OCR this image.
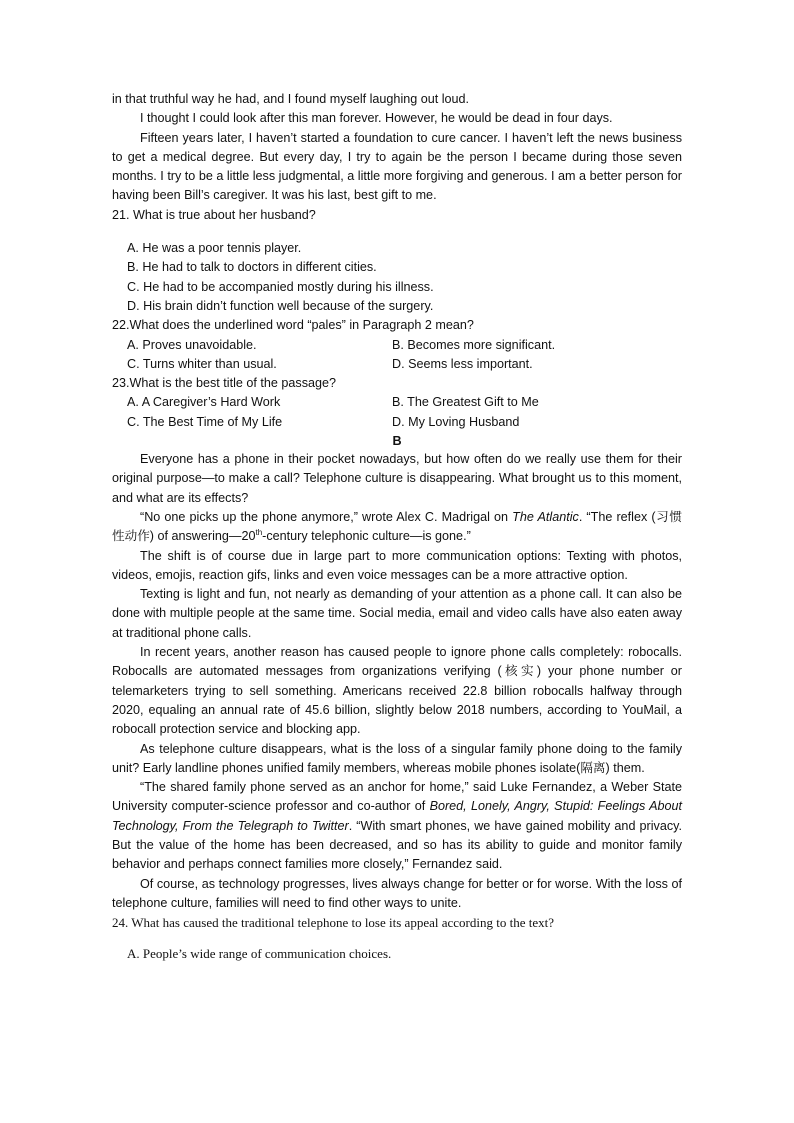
in that truthful way he had, and I found myself laughing out loud.

I thought I could look after this man forever. However, he would be dead in four days.

Fifteen years later, I haven’t started a foundation to cure cancer. I haven’t left the news business to get a medical degree. But every day, I try to again be the person I became during those seven months. I try to be a little less judgmental, a little more forgiving and generous. I am a better person for having been Bill’s caregiver. It was his last, best gift to me.

21. What is true about her husband?

A. He was a poor tennis player.

B. He had to talk to doctors in different cities.

C. He had to be accompanied mostly during his illness.

D. His brain didn’t function well because of the surgery.

22.What does the underlined word “pales” in Paragraph 2 mean?

A. Proves unavoidable.	B. Becomes more significant.
C. Turns whiter than usual.	D. Seems less important.

23.What is the best title of the passage?

A. A Caregiver’s Hard Work	B. The Greatest Gift to Me
C. The Best Time of My Life	D. My Loving Husband

B

Everyone has a phone in their pocket nowadays, but how often do we really use them for their original purpose—to make a call? Telephone culture is disappearing. What brought us to this moment, and what are its effects?

“No one picks up the phone anymore,” wrote Alex C. Madrigal on The Atlantic. “The reflex (习惯性动作) of answering—20th-century telephonic culture—is gone.”

The shift is of course due in large part to more communication options: Texting with photos, videos, emojis, reaction gifs, links and even voice messages can be a more attractive option.

Texting is light and fun, not nearly as demanding of your attention as a phone call. It can also be done with multiple people at the same time. Social media, email and video calls have also eaten away at traditional phone calls.

In recent years, another reason has caused people to ignore phone calls completely: robocalls. Robocalls are automated messages from organizations verifying (核实) your phone number or telemarketers trying to sell something. Americans received 22.8 billion robocalls halfway through 2020, equaling an annual rate of 45.6 billion, slightly below 2018 numbers, according to YouMail, a robocall protection service and blocking app.

As telephone culture disappears, what is the loss of a singular family phone doing to the family unit? Early landline phones unified family members, whereas mobile phones isolate(隔离) them.

“The shared family phone served as an anchor for home,” said Luke Fernandez, a Weber State University computer-science professor and co-author of Bored, Lonely, Angry, Stupid: Feelings About Technology, From the Telegraph to Twitter. “With smart phones, we have gained mobility and privacy. But the value of the home has been decreased, and so has its ability to guide and monitor family behavior and perhaps connect families more closely,” Fernandez said.

Of course, as technology progresses, lives always change for better or for worse. With the loss of telephone culture, families will need to find other ways to unite.

24. What has caused the traditional telephone to lose its appeal according to the text?

A. People’s wide range of communication choices.
